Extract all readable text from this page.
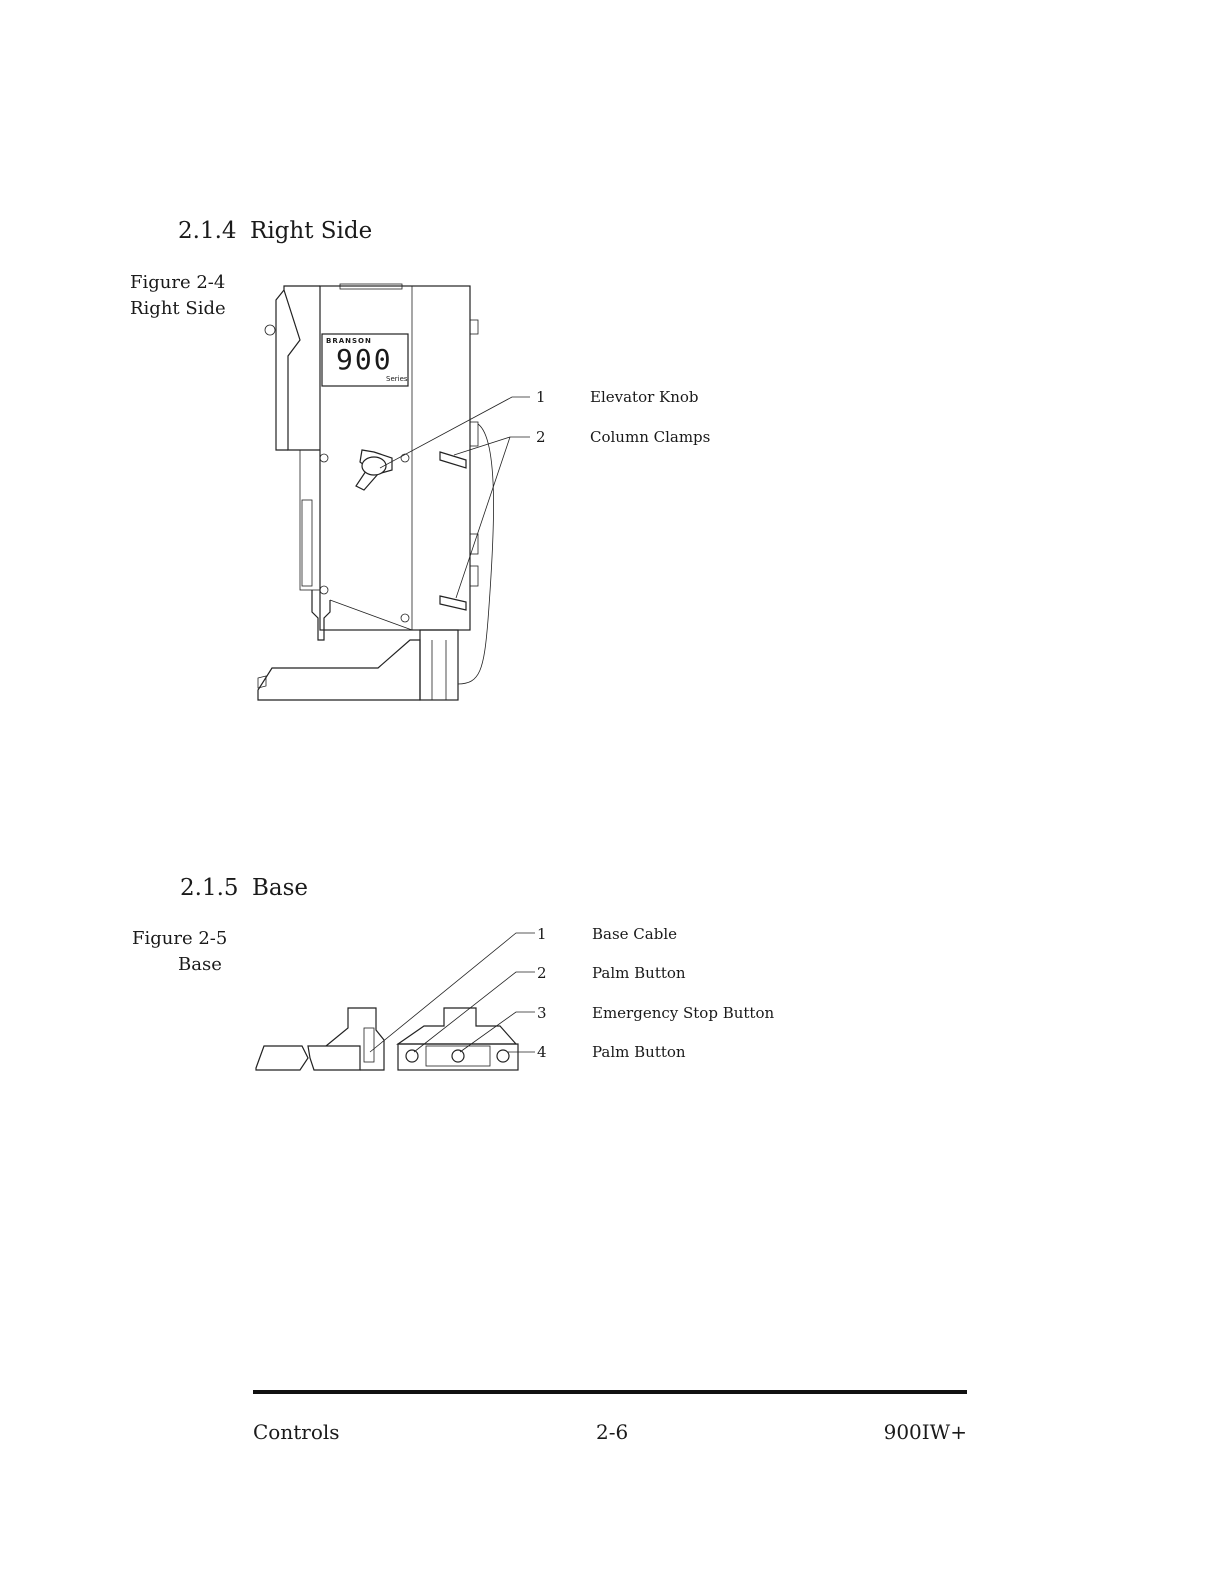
2.1.4 Right Side
Figure 2-4
Right Side
BRANSON
900
Series
1	Elevator Knob
2	Column Clamps
2.1.5 Base
Figure 2-5
Base
1	Base Cable
2	Palm Button
3	Emergency Stop Button
4	Palm Button
Controls	2-6	900IW+
